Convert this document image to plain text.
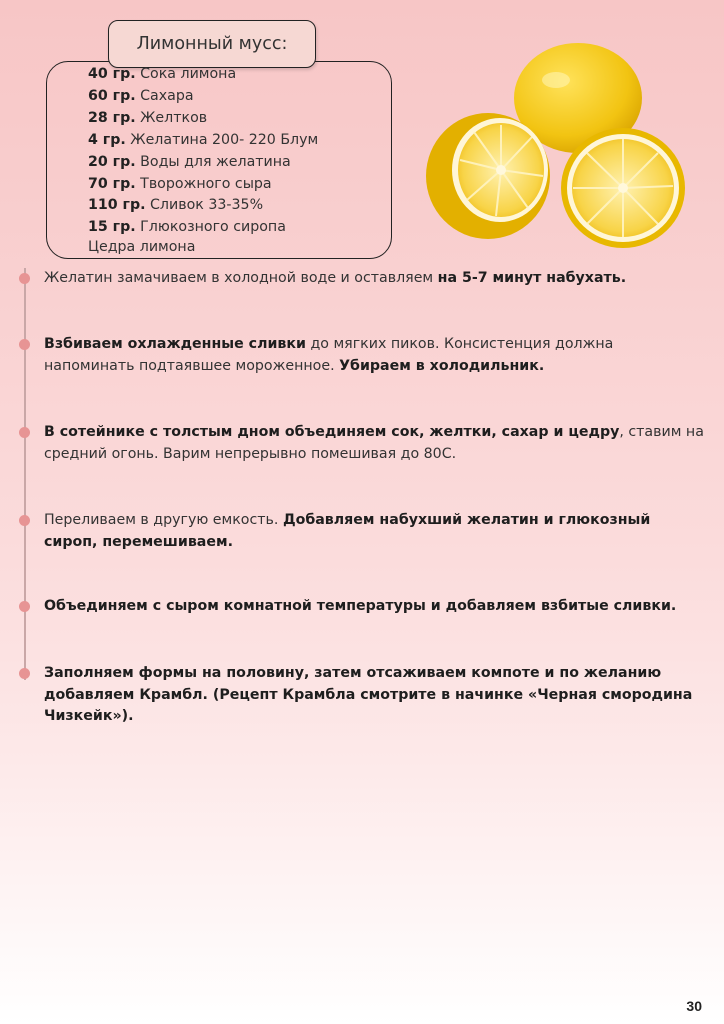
Лимонный мусс:
40 гр. Сока лимона
60 гр. Сахара
28 гр. Желтков
4 гр. Желатина 200- 220 Блум
20 гр. Воды для желатина
70 гр. Творожного сыра
110 гр. Сливок 33-35%
15 гр. Глюкозного сиропа
Цедра лимона

Желатин замачиваем в холодной воде и оставляем на 5-7 минут набухать.

Взбиваем охлажденные сливки до мягких пиков. Консистенция должна напоминать подтаявшее мороженное. Убираем в холодильник.

В сотейнике с толстым дном объединяем сок, желтки, сахар и цедру, ставим на средний огонь. Варим непрерывно помешивая до 80С.

Переливаем в другую емкость. Добавляем набухший желатин и глюкозный сироп, перемешиваем.

Объединяем с сыром комнатной температуры и добавляем взбитые сливки.

Заполняем формы на половину, затем отсаживаем компоте и по желанию добавляем Крамбл. (Рецепт Крамбла смотрите в начинке «Черная смородина Чизкейк»).

30
